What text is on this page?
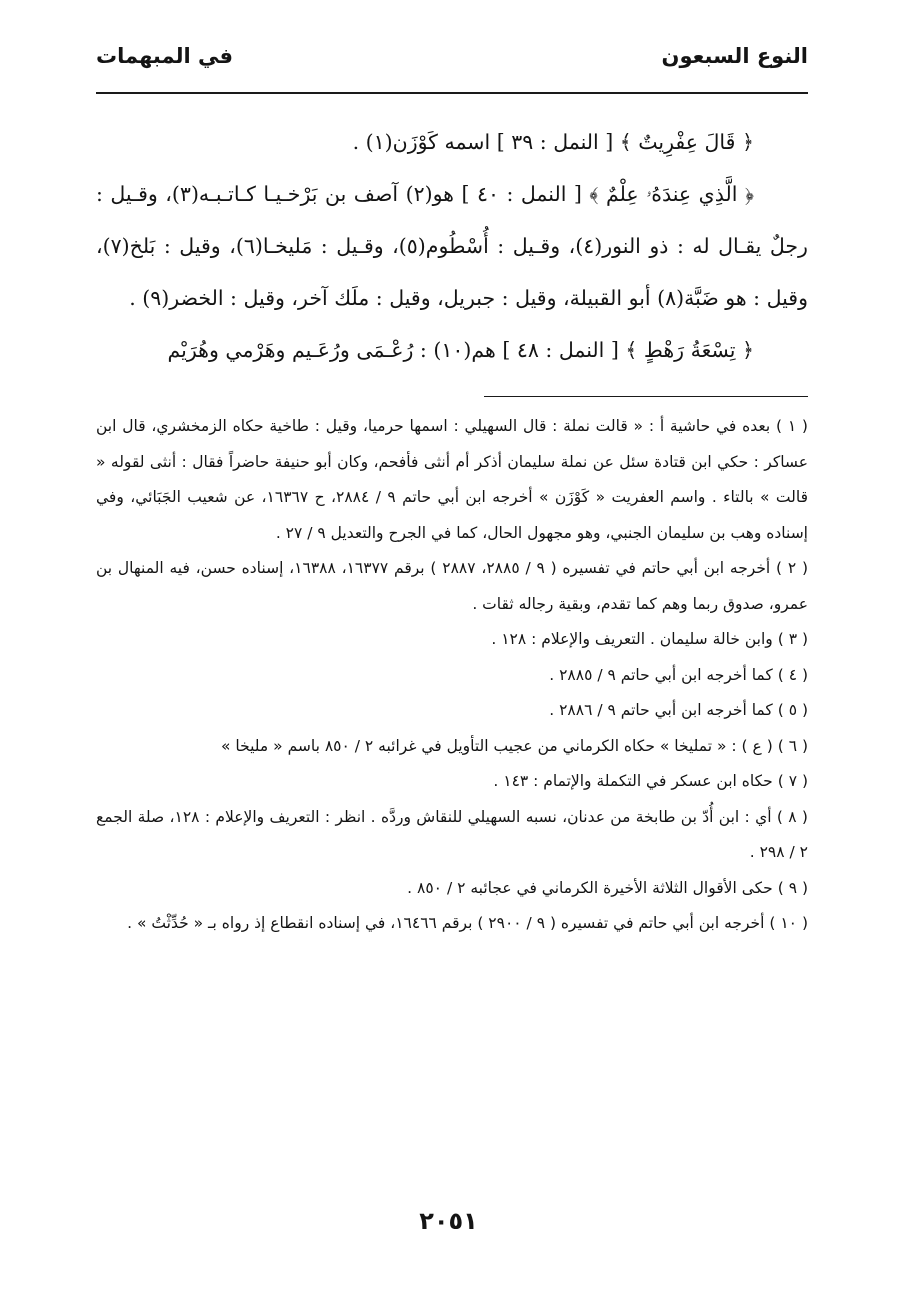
النوع السبعون
في المبهمات

﴿ قَالَ عِفْرِيتٌ ﴾ [ النمل : ٣٩ ] اسمه كَوْزَن(١) .

﴿ الَّذِي عِندَهُۥ عِلْمٌ ﴾ [ النمل : ٤٠ ] هو(٢) آصف بن بَرْخـيـا كـاتـبـه(٣)، وقـيل : رجلٌ يقـال له : ذو النور(٤)، وقـيل : أُسْطُوم(٥)، وقـيل : مَليخـا(٦)، وقيل : بَلخ(٧)، وقيل : هو ضَبَّة(٨) أبو القبيلة، وقيل : جبريل، وقيل : ملَك آخر، وقيل : الخضر(٩) .

﴿ تِسْعَةُ رَهْطٍ ﴾ [ النمل : ٤٨ ] هم(١٠) : رُعْـمَى ورُعَـيم وهَرْمي وهُرَيْم

( ١ ) بعده في حاشية أ : « قالت نملة : قال السهيلي : اسمها حرميا، وقيل : طاخية حكاه الزمخشري، قال ابن عساكر : حكي ابن قتادة سئل عن نملة سليمان أذكر أم أنثى فأفحم، وكان أبو حنيفة حاضراً فقال : أنثى لقوله « قالت » بالتاء . واسم العفريت « كَوْزَن » أخرجه ابن أبي حاتم ٩ / ٢٨٨٤، ح ١٦٣٦٧، عن شعيب الجَبَائي، وفي إسناده وهب بن سليمان الجنبي، وهو مجهول الحال، كما في الجرح والتعديل ٩ / ٢٧ .

( ٢ ) أخرجه ابن أبي حاتم في تفسيره ( ٩ / ٢٨٨٥، ٢٨٨٧ ) برقم ١٦٣٧٧، ١٦٣٨٨، إسناده حسن، فيه المنهال بن عمرو، صدوق ربما وهم كما تقدم، وبقية رجاله ثقات .

( ٣ ) وابن خالة سليمان . التعريف والإعلام : ١٢٨ .

( ٤ ) كما أخرجه ابن أبي حاتم ٩ / ٢٨٨٥ .

( ٥ ) كما أخرجه ابن أبي حاتم ٩ / ٢٨٨٦ .

( ٦ ) ( ع ) : « تمليخا » حكاه الكرماني من عجيب التأويل في غرائبه ٢ / ٨٥٠ باسم « مليخا »

( ٧ ) حكاه ابن عسكر في التكملة والإتمام : ١٤٣ .

( ٨ ) أي : ابن أُدّ بن طابخة من عدنان، نسبه السهيلي للنقاش وردَّه . انظر : التعريف والإعلام : ١٢٨، صلة الجمع ٢ / ٢٩٨ .

( ٩ ) حكى الأقوال الثلاثة الأخيرة الكرماني في عجائبه ٢ / ٨٥٠ .

( ١٠ ) أخرجه ابن أبي حاتم في تفسيره ( ٩ / ٢٩٠٠ ) برقم ١٦٤٦٦، في إسناده انقطاع إذ رواه بـ « حُدِّثْتُ » .

٢٠٥١
